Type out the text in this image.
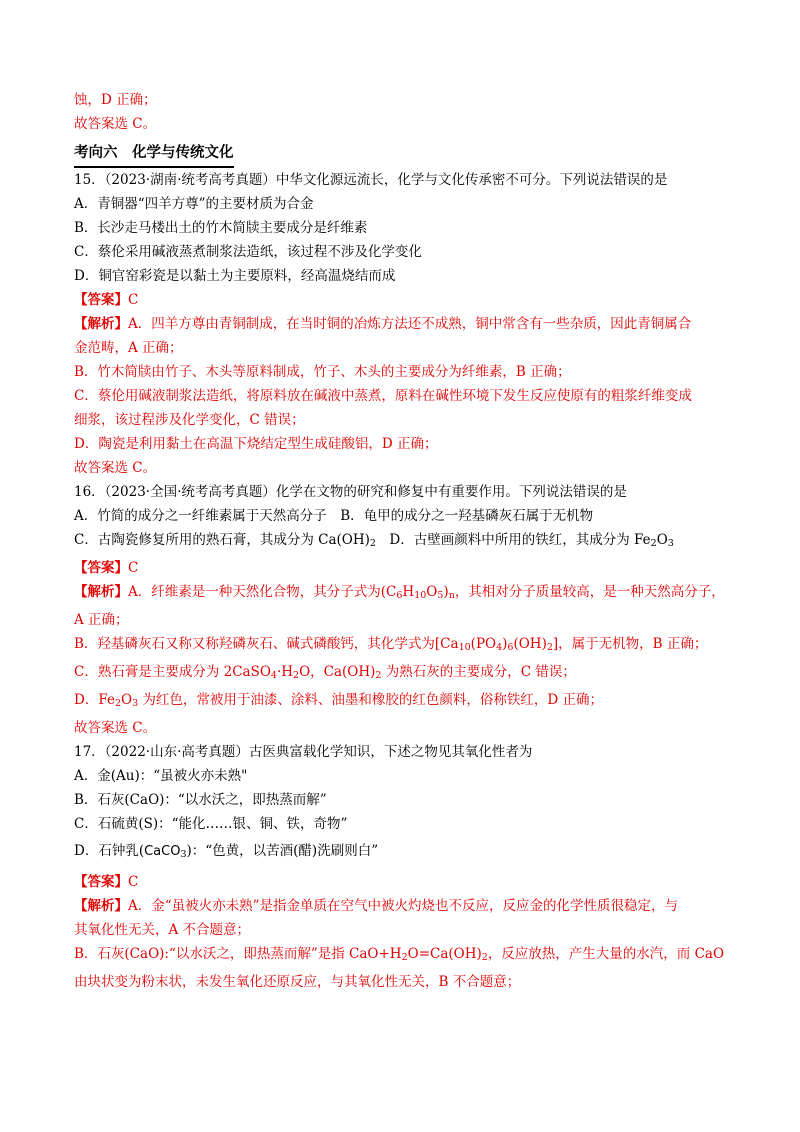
蚀，D 正确；
故答案选 C。
考向六　化学与传统文化
15．（2023·湖南·统考高考真题）中华文化源远流长，化学与文化传承密不可分。下列说法错误的是
A．青铜器“四羊方尊”的主要材质为合金
B．长沙走马楼出土的竹木简牍主要成分是纤维素
C．蔡伦采用碱液蒸煮制浆法造纸，该过程不涉及化学变化
D．铜官窑彩瓷是以黏土为主要原料，经高温烧结而成
【答案】C
【解析】A．四羊方尊由青铜制成，在当时铜的冶炼方法还不成熟，铜中常含有一些杂质，因此青铜属合
金范畴，A 正确；
B．竹木简牍由竹子、木头等原料制成，竹子、木头的主要成分为纤维素，B 正确；
C．蔡伦用碱液制浆法造纸，将原料放在碱液中蒸煮，原料在碱性环境下发生反应使原有的粗浆纤维变成
细浆，该过程涉及化学变化，C 错误；
D．陶瓷是利用黏土在高温下烧结定型生成硅酸铝，D 正确；
故答案选 C。
16．（2023·全国·统考高考真题）化学在文物的研究和修复中有重要作用。下列说法错误的是
A．竹简的成分之一纤维素属于天然高分子　B．龟甲的成分之一羟基磷灰石属于无机物
C．古陶瓷修复所用的熟石膏，其成分为 $Ca(OH)_2$　D．古壁画颜料中所用的铁红，其成分为 $Fe_2O_3$
【答案】C
【解析】A．纤维素是一种天然化合物，其分子式为$(C_6H_{10}O_5)_n$，其相对分子质量较高，是一种天然高分子，
A 正确；
B．羟基磷灰石又称又称羟磷灰石、碱式磷酸钙，其化学式为$[Ca_{10}(PO_4)_6(OH)_2]$，属于无机物，B 正确；
C．熟石膏是主要成分为 $2CaSO_4\cdot H_2O$，$Ca(OH)_2$ 为熟石灰的主要成分，C 错误；
D．$Fe_2O_3$ 为红色，常被用于油漆、涂料、油墨和橡胶的红色颜料，俗称铁红，D 正确；
故答案选 C。
17．（2022·山东·高考真题）古医典富载化学知识，下述之物见其氧化性者为
A．金(Au)：“虽被火亦未熟"
B．石灰(CaO)：“以水沃之，即热蒸而解”
C．石硫黄(S)：“能化……银、铜、铁，奇物”
D．石钟乳(CaCO$_3$)：“色黄，以苦酒(醋)洗刷则白”
【答案】C
【解析】A．金“虽被火亦未熟”是指金单质在空气中被火灼烧也不反应，反应金的化学性质很稳定，与
其氧化性无关，A 不合题意；
B．石灰(CaO):“以水沃之，即热蒸而解”是指 $CaO+H_2O=Ca(OH)_2$，反应放热，产生大量的水汽，而 CaO
由块状变为粉末状，未发生氧化还原反应，与其氧化性无关，B 不合题意；
